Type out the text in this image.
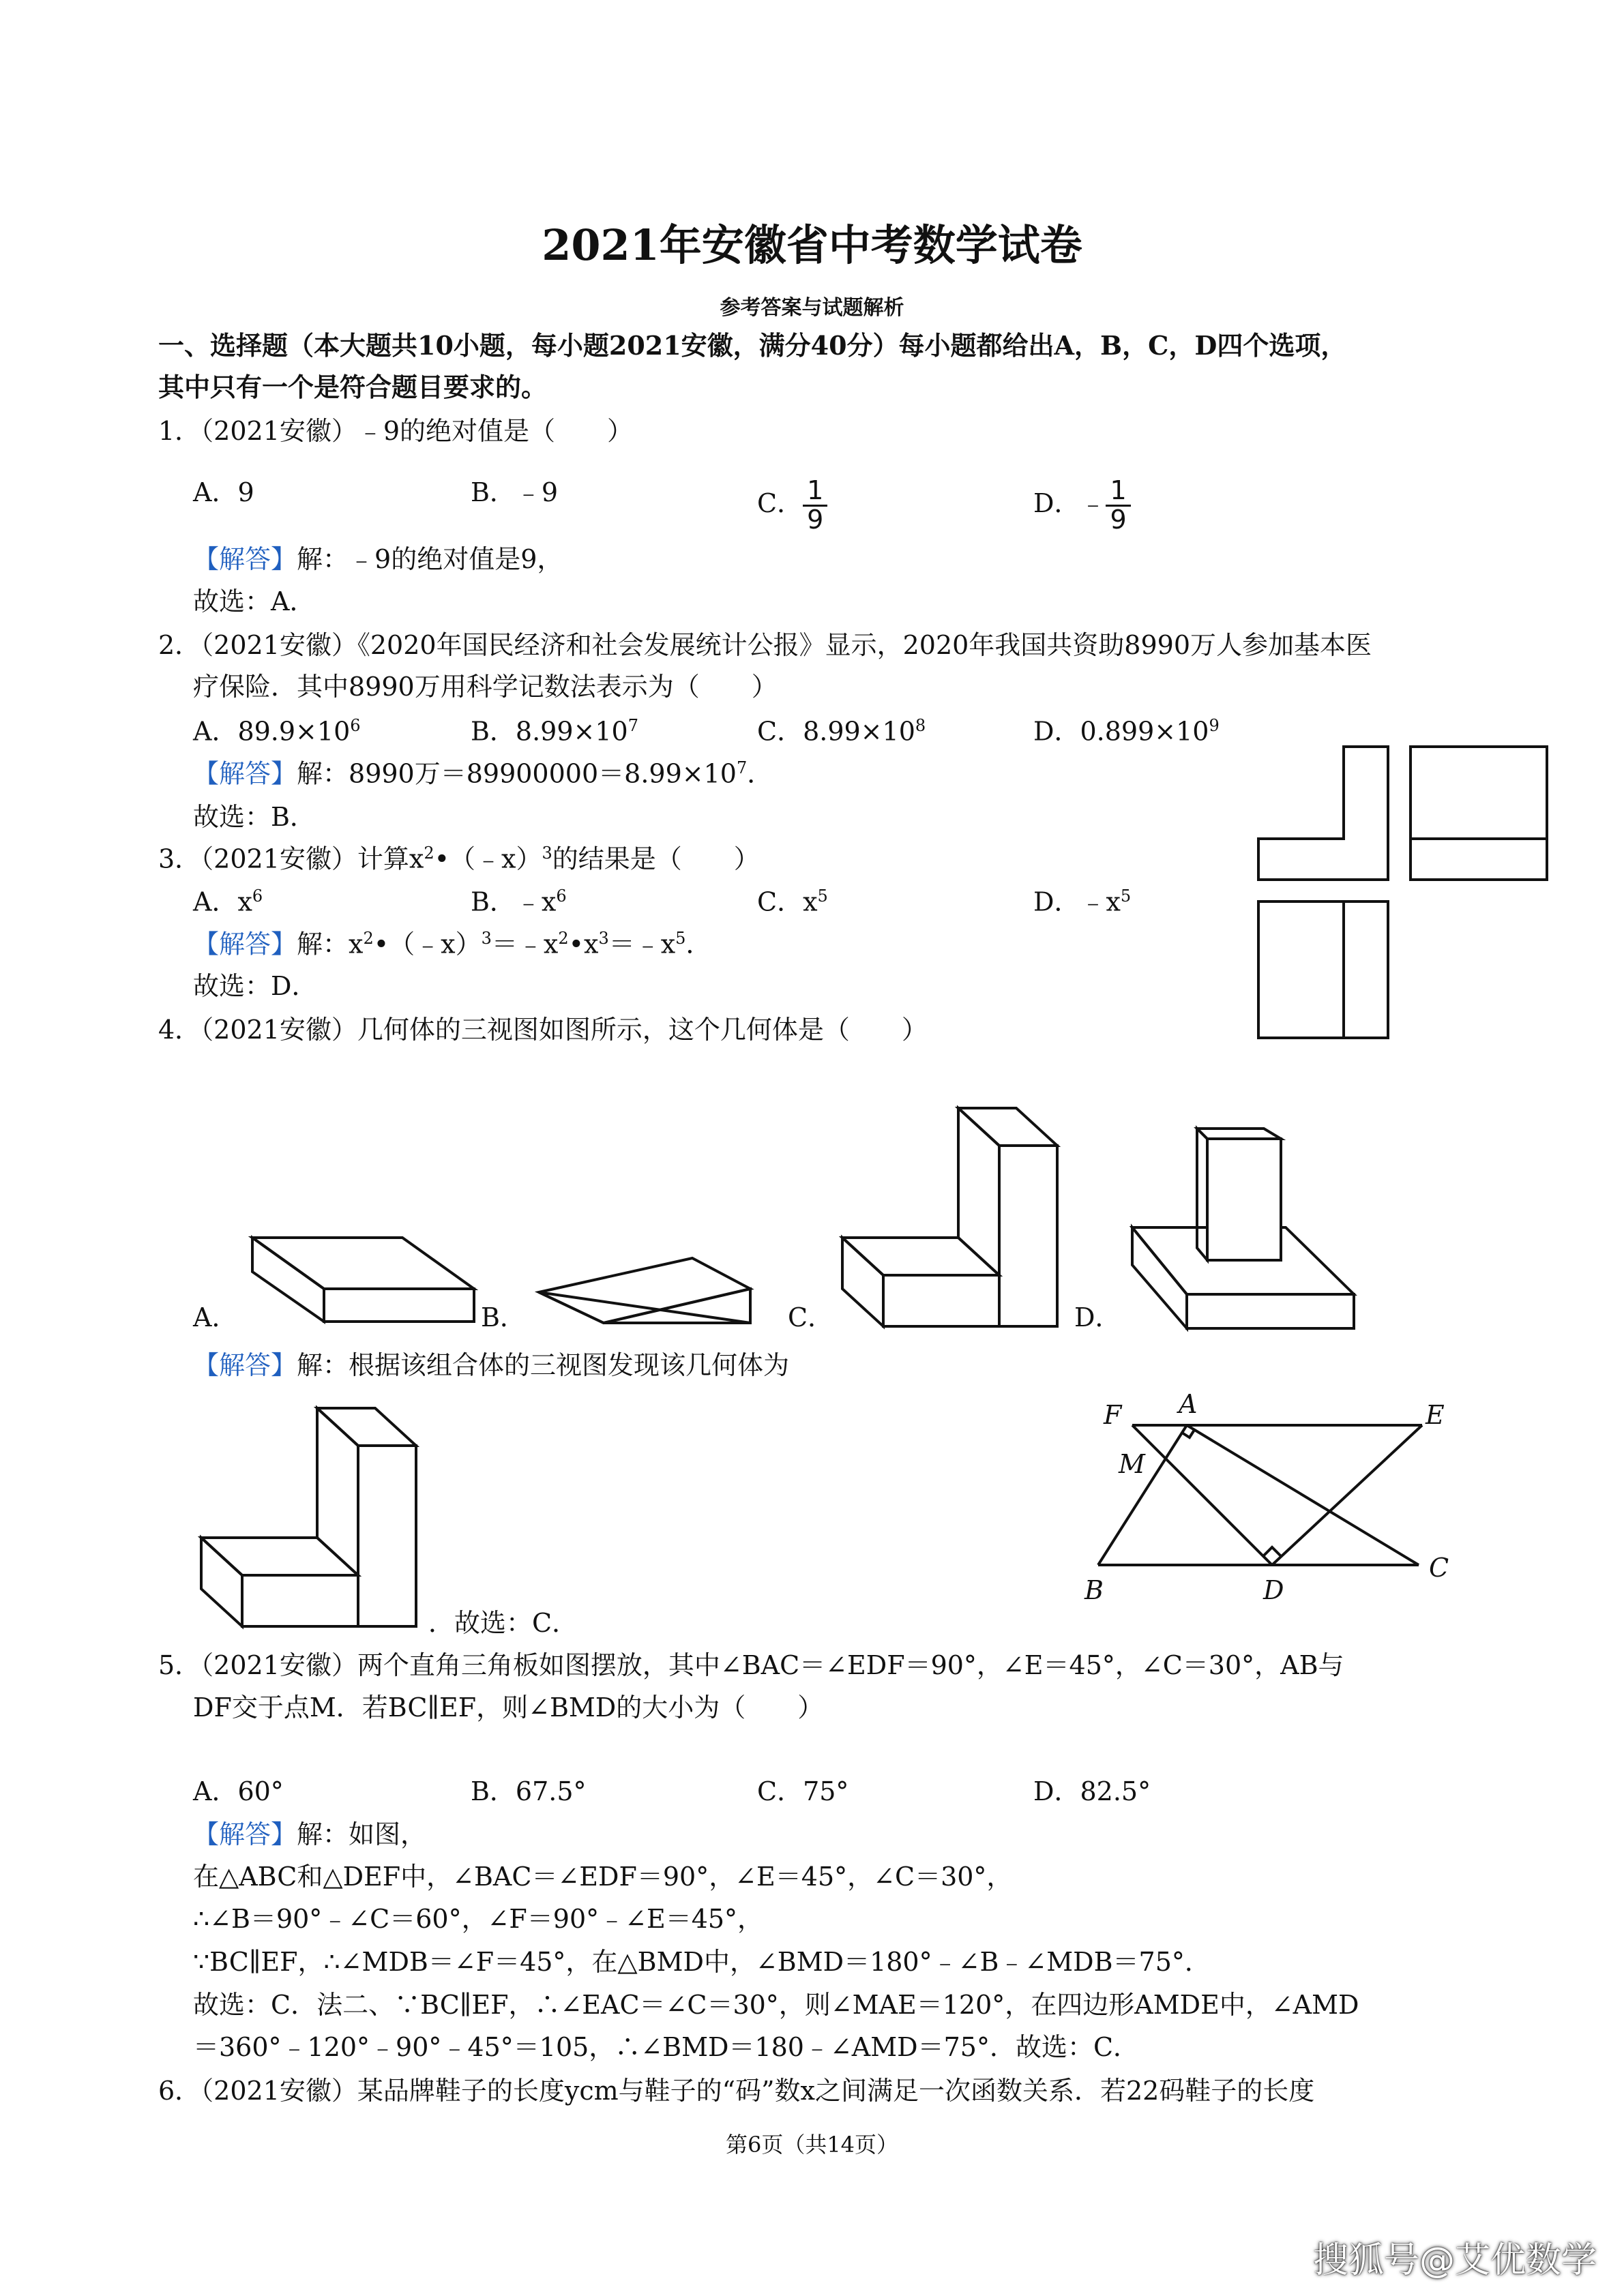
2021年安徽省中考数学试卷
参考答案与试题解析
一、选择题（本大题共10小题，每小题2021安徽，满分40分）每小题都给出A，B，C，D四个选项，
其中只有一个是符合题目要求的。
1．（2021安徽）﹣9的绝对值是（　　）
A．9	B．﹣9	C． $\frac{1}{9}$	D．﹣ $\frac{1}{9}$
【解答】解：﹣9的绝对值是9，
故选：A．
2．（2021安徽）《2020年国民经济和社会发展统计公报》显示，2020年我国共资助8990万人参加基本医
疗保险．其中8990万用科学记数法表示为（　　）
A．$89.9\times 10^6$	B．$8.99\times 10^7$	C．$8.99\times 10^8$	D．$0.899\times 10^9$
【解答】解：8990万$=89900000=8.99\times 10^7$．
故选：B．
3．（2021安徽）计算$x^2•(﹣x)^3$的结果是（　　）
A．$x^6$	B．$﹣x^6$	C．$x^5$	D．$﹣x^5$
【解答】解：$x^2•(﹣x)^3=﹣x^2•x^3=﹣x^5$．
故选：D．
4．（2021安徽）几何体的三视图如图所示，这个几何体是（　　）
A．	B．	C．	D．
【解答】解：根据该组合体的三视图发现该几何体为
．故选：C．
F A	E
M
B	D
C
5．（2021安徽）两个直角三角板如图摆放，其中∠BAC＝∠EDF＝90°，∠E＝45°，∠C＝30°，AB与
DF交于点M．若BC∥EF，则∠BMD的大小为（　　）
A．60°	B．67.5°	C．75°	D．82.5°
【解答】解：如图，
在△ABC和△DEF中，∠BAC＝∠EDF＝90°，∠E＝45°，∠C＝30°，
∴∠B＝90°﹣∠C＝60°，∠F＝90°﹣∠E＝45°，
∵BC∥EF，∴∠MDB＝∠F＝45°，在△BMD中，∠BMD＝180°﹣∠B﹣∠MDB＝75°．
故选：C．法二、∵BC∥EF，∴∠EAC＝∠C＝30°，则∠MAE＝120°，在四边形AMDE中，∠AMD
＝360°﹣120°﹣90°﹣45°＝105，∴∠BMD＝180﹣∠AMD＝75°．故选：C．
6．（2021安徽）某品牌鞋子的长度ycm与鞋子的“码”数x之间满足一次函数关系．若22码鞋子的长度
第6页（共14页）
搜狐号@艾优数学
